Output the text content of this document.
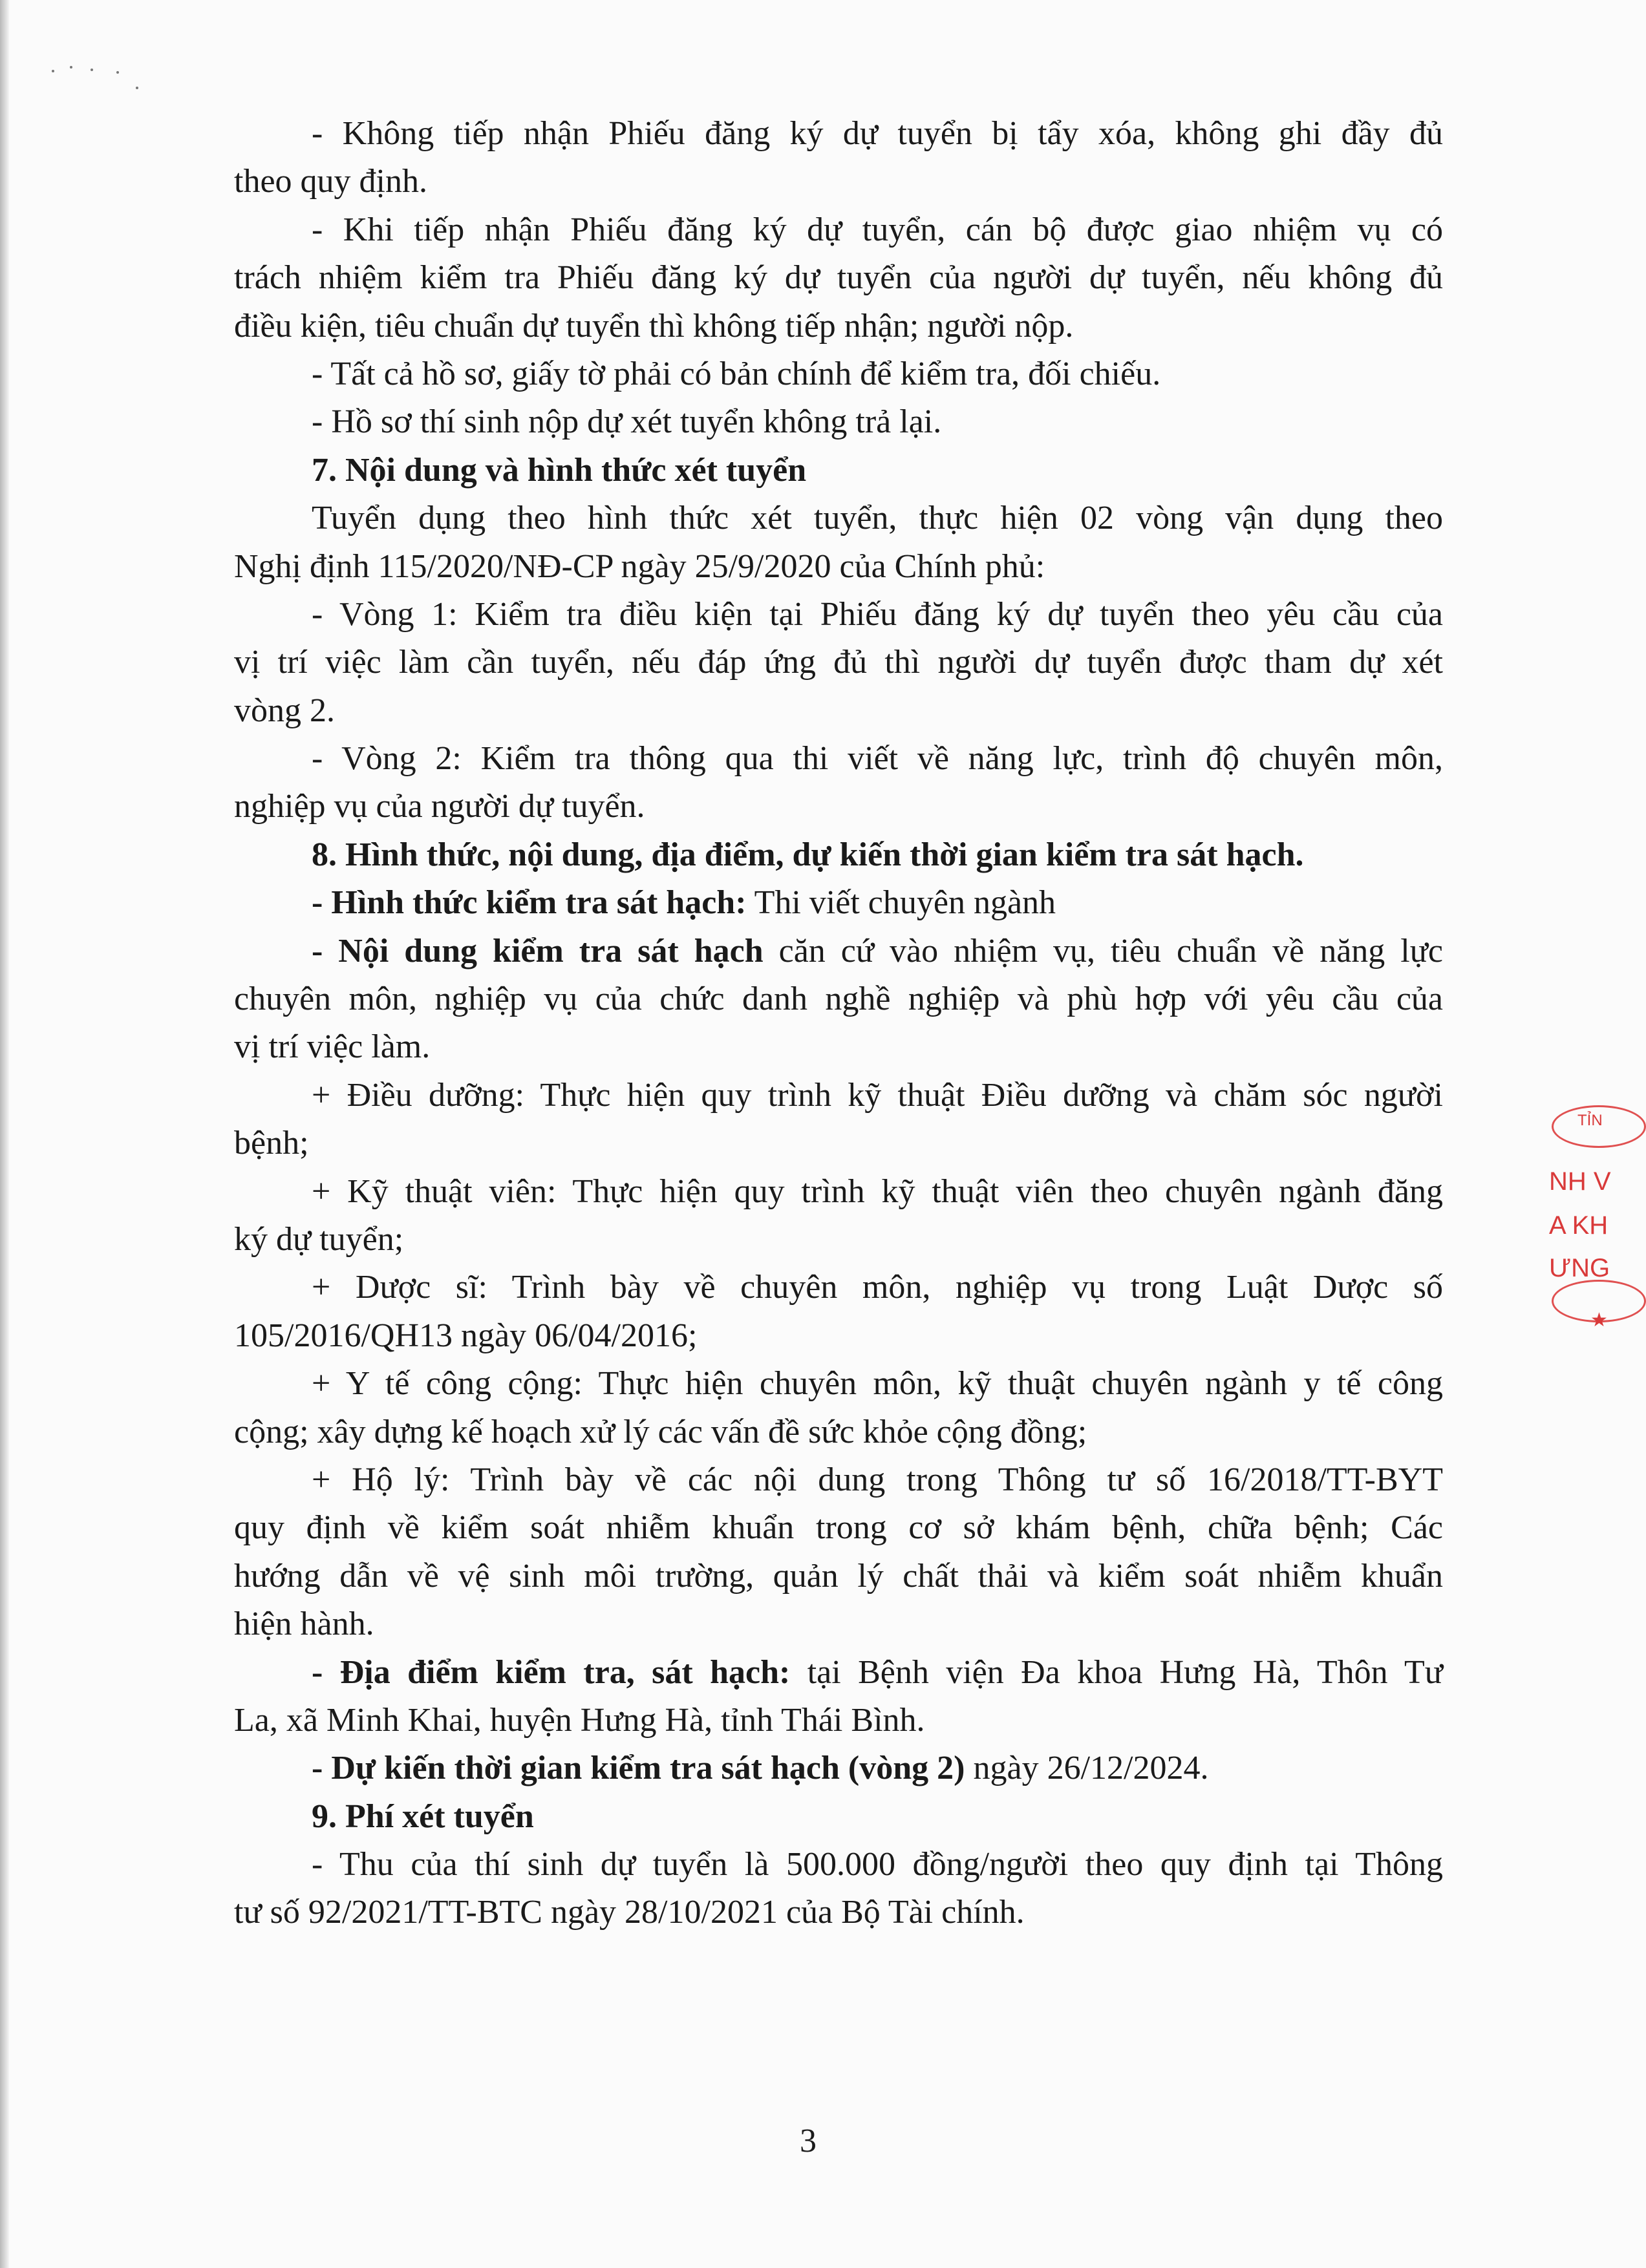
- Không tiếp nhận Phiếu đăng ký dự tuyển bị tẩy xóa, không ghi đầy đủ
theo quy định.
- Khi tiếp nhận Phiếu đăng ký dự tuyển, cán bộ được giao nhiệm vụ có
trách nhiệm kiểm tra Phiếu đăng ký dự tuyển của người dự tuyển, nếu không đủ
điều kiện, tiêu chuẩn dự tuyển thì không tiếp nhận; người nộp.
- Tất cả hồ sơ, giấy tờ phải có bản chính để kiểm tra, đối chiếu.
- Hồ sơ thí sinh nộp dự xét tuyển không trả lại.
7. Nội dung và hình thức xét tuyển
Tuyển dụng theo hình thức xét tuyển, thực hiện 02 vòng vận dụng theo
Nghị định 115/2020/NĐ-CP ngày 25/9/2020 của Chính phủ:
- Vòng 1: Kiểm tra điều kiện tại Phiếu đăng ký dự tuyển theo yêu cầu của
vị trí việc làm cần tuyển, nếu đáp ứng đủ thì người dự tuyển được tham dự xét
vòng 2.
- Vòng 2: Kiểm tra thông qua thi viết về năng lực, trình độ chuyên môn,
nghiệp vụ của người dự tuyển.
8. Hình thức, nội dung, địa điểm, dự kiến thời gian kiểm tra sát hạch.
- Hình thức kiểm tra sát hạch: Thi viết chuyên ngành
- Nội dung kiểm tra sát hạch căn cứ vào nhiệm vụ, tiêu chuẩn về năng lực
chuyên môn, nghiệp vụ của chức danh nghề nghiệp và phù hợp với yêu cầu của
vị trí việc làm.
+ Điều dưỡng: Thực hiện quy trình kỹ thuật Điều dưỡng và chăm sóc người
bệnh;
+ Kỹ thuật viên: Thực hiện quy trình kỹ thuật viên theo chuyên ngành đăng
ký dự tuyển;
+ Dược sĩ: Trình bày về chuyên môn, nghiệp vụ trong Luật Dược số
105/2016/QH13 ngày 06/04/2016;
+ Y tế công cộng: Thực hiện chuyên môn, kỹ thuật chuyên ngành y tế công
cộng; xây dựng kế hoạch xử lý các vấn đề sức khỏe cộng đồng;
+ Hộ lý: Trình bày về các nội dung trong Thông tư số 16/2018/TT-BYT
quy định về kiểm soát nhiễm khuẩn trong cơ sở khám bệnh, chữa bệnh; Các
hướng dẫn về vệ sinh môi trường, quản lý chất thải và kiểm soát nhiễm khuẩn
hiện hành.
- Địa điểm kiểm tra, sát hạch: tại Bệnh viện Đa khoa Hưng Hà, Thôn Tư
La, xã Minh Khai, huyện Hưng Hà, tỉnh Thái Bình.
- Dự kiến thời gian kiểm tra sát hạch (vòng 2) ngày 26/12/2024.
9. Phí xét tuyển
- Thu của thí sinh dự tuyển là 500.000 đồng/người theo quy định tại Thông
tư số 92/2021/TT-BTC ngày 28/10/2021 của Bộ Tài chính.
3
TỈN
NH V
A KH
ƯNG
★
